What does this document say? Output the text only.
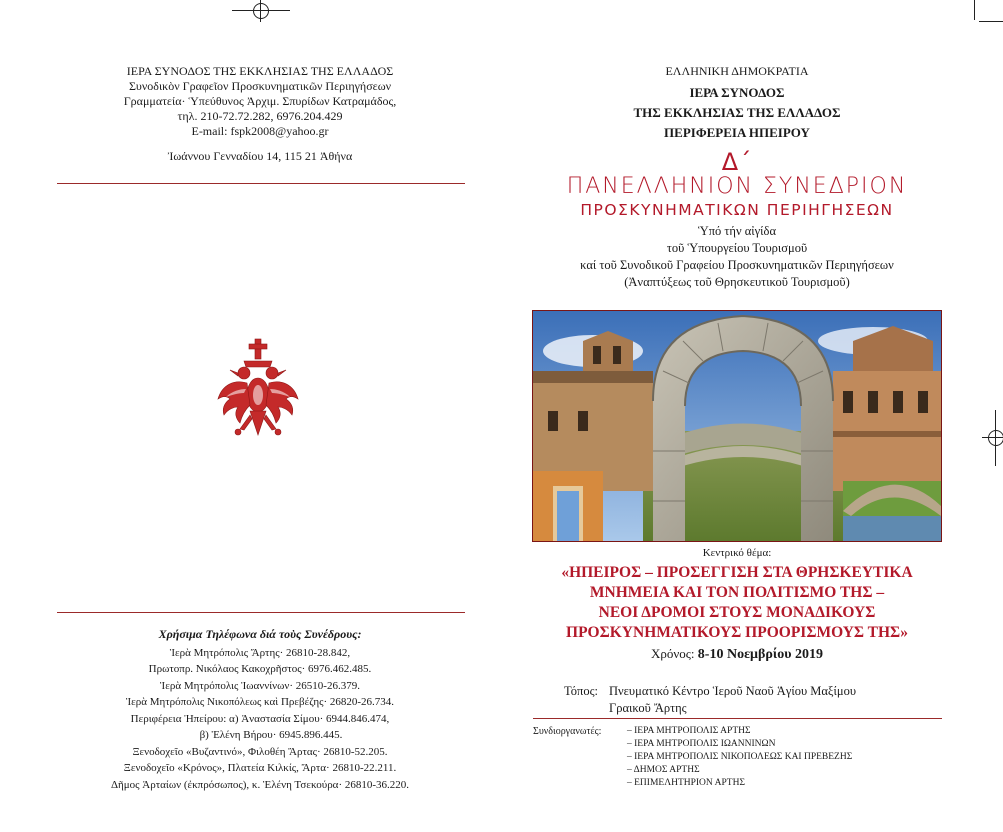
ΙΕΡΑ ΣΥΝΟΔΟΣ ΤΗΣ ΕΚΚΛΗΣΙΑΣ ΤΗΣ ΕΛΛΑΔΟΣ
Συνοδικὸν Γραφεῖον Προσκυνηματικῶν Περιηγήσεων
Γραμματεία· Ὑπεύθυνος Ἀρχιμ. Σπυρίδων Κατραμάδος,
τηλ. 210-72.72.282, 6976.204.429
E-mail: fspk2008@yahoo.gr
Ἰωάννου Γενναδίου 14, 115 21 Ἀθήνα
Χρήσιμα Τηλέφωνα διά τοὺς Συνέδρους:
Ἱερὰ Μητρόπολις Ἄρτης· 26810-28.842,
Πρωτοπρ. Νικόλαος Κακοχρῆστος· 6976.462.485.
Ἱερὰ Μητρόπολις Ἰωαννίνων· 26510-26.379.
Ἱερὰ Μητρόπολις Νικοπόλεως καὶ Πρεβέζης· 26820-26.734.
Περιφέρεια Ἠπείρου: α) Ἀναστασία Σίμου· 6944.846.474,
β) Ἑλένη Βήρου· 6945.896.445.
Ξενοδοχεῖο «Βυζαντινό», Φιλοθέη Ἄρτας· 26810-52.205.
Ξενοδοχεῖο «Κρόνος», Πλατεία Κιλκίς, Ἄρτα· 26810-22.211.
Δῆμος Ἀρταίων (ἐκπρόσωπος), κ. Ἑλένη Τσεκούρα· 26810-36.220.
ΕΛΛΗΝΙΚΗ ΔΗΜΟΚΡΑΤΙΑ
ΙΕΡΑ ΣΥΝΟΔΟΣ
ΤΗΣ ΕΚΚΛΗΣΙΑΣ ΤΗΣ ΕΛΛΑΔΟΣ
ΠΕΡΙΦΕΡΕΙΑ ΗΠΕΙΡΟΥ
Δ΄
ΠΑΝΕΛΛΗΝΙΟΝ ΣΥΝΕΔΡΙΟΝ
ΠΡΟΣΚΥΝΗΜΑΤΙΚΩΝ ΠΕΡΙΗΓΗΣΕΩΝ
Ὑπό τήν αἰγίδα
τοῦ Ὑπουργείου Τουρισμοῦ
καί τοῦ Συνοδικοῦ Γραφείου Προσκυνηματικῶν Περιηγήσεων
(Ἀναπτύξεως τοῦ Θρησκευτικοῦ Τουρισμοῦ)
Κεντρικό θέμα:
«ΗΠΕΙΡΟΣ – ΠΡΟΣΕΓΓΙΣΗ ΣΤΑ ΘΡΗΣΚΕΥΤΙΚΑ
ΜΝΗΜΕΙΑ ΚΑΙ ΤΟΝ ΠΟΛΙΤΙΣΜΟ ΤΗΣ –
ΝΕΟΙ ΔΡΟΜΟΙ ΣΤΟΥΣ ΜΟΝΑΔΙΚΟΥΣ
ΠΡΟΣΚΥΝΗΜΑΤΙΚΟΥΣ ΠΡΟΟΡΙΣΜΟΥΣ ΤΗΣ»
Χρόνος: 8-10 Νοεμβρίου 2019
Τόπος: Πνευματικό Κέντρο Ἱεροῦ Ναοῦ Ἁγίου Μαξίμου
Γραικοῦ Ἄρτης
Συνδιοργανωτές:	– ΙΕΡΑ ΜΗΤΡΟΠΟΛΙΣ ΑΡΤΗΣ
– ΙΕΡΑ ΜΗΤΡΟΠΟΛΙΣ ΙΩΑΝΝΙΝΩΝ
– ΙΕΡΑ ΜΗΤΡΟΠΟΛΙΣ ΝΙΚΟΠΟΛΕΩΣ ΚΑΙ ΠΡΕΒΕΖΗΣ
– ΔΗΜΟΣ ΑΡΤΗΣ
– ΕΠΙΜΕΛΗΤΗΡΙΟΝ ΑΡΤΗΣ
